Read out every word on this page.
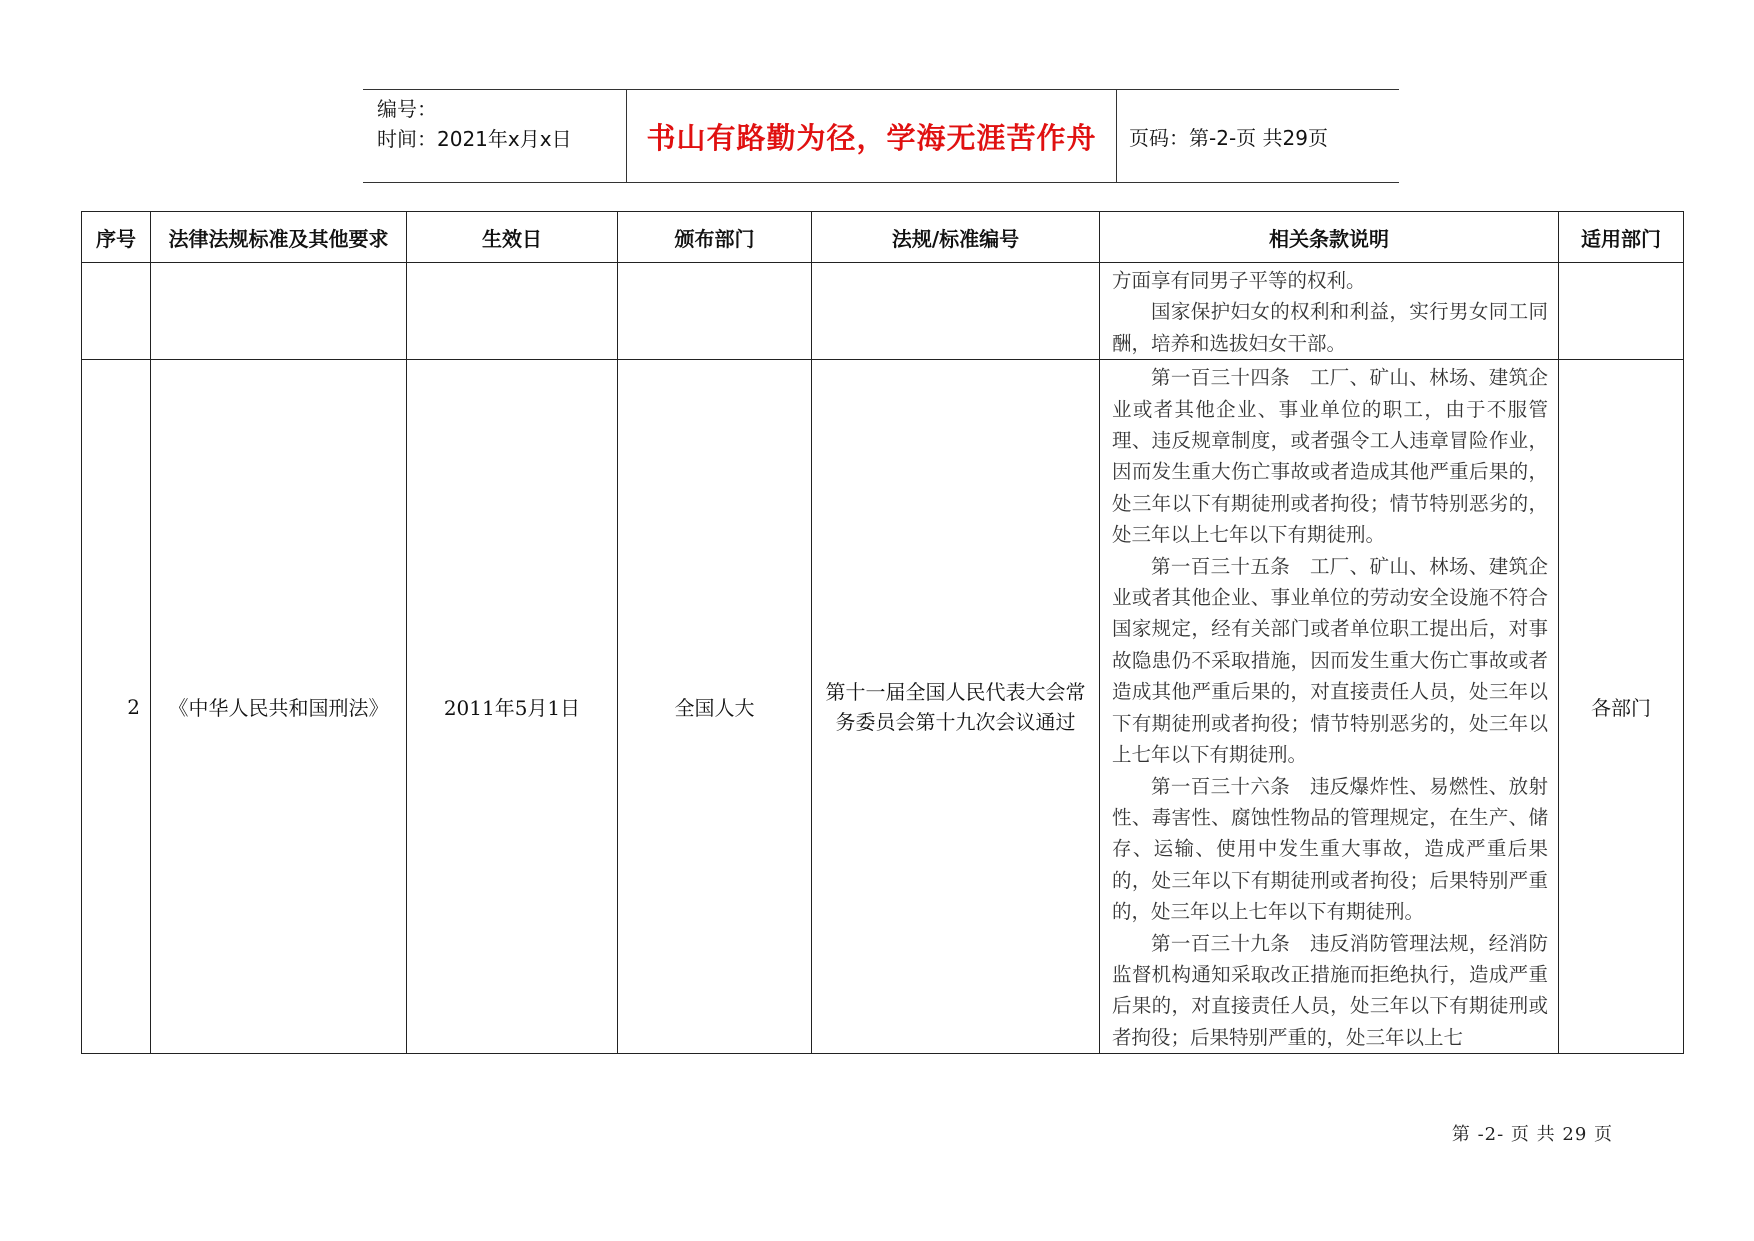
编号：
时间：2021年x月x日	书山有路勤为径，学海无涯苦作舟	页码：第-2-页 共29页
序号	法律法规标准及其他要求	生效日	颁布部门	法规/标准编号	相关条款说明	适用部门

					方面享有同男子平等的权利。

国家保护妇女的权利和利益，实行男女同工同酬，培养和选拔妇女干部。	

2	《中华人民共和国刑法》	2011年5月1日	全国人大	第十一届全国人民代表大会常务委员会第十九次会议通过	第一百三十四条　工厂、矿山、林场、建筑企业或者其他企业、事业单位的职工，由于不服管理、违反规章制度，或者强令工人违章冒险作业，因而发生重大伤亡事故或者造成其他严重后果的，处三年以下有期徒刑或者拘役；情节特别恶劣的，处三年以上七年以下有期徒刑。

第一百三十五条　工厂、矿山、林场、建筑企业或者其他企业、事业单位的劳动安全设施不符合国家规定，经有关部门或者单位职工提出后，对事故隐患仍不采取措施，因而发生重大伤亡事故或者造成其他严重后果的，对直接责任人员，处三年以下有期徒刑或者拘役；情节特别恶劣的，处三年以上七年以下有期徒刑。

第一百三十六条　违反爆炸性、易燃性、放射性、毒害性、腐蚀性物品的管理规定，在生产、储存、运输、使用中发生重大事故，造成严重后果的，处三年以下有期徒刑或者拘役；后果特别严重的，处三年以上七年以下有期徒刑。

第一百三十九条　违反消防管理法规，经消防监督机构通知采取改正措施而拒绝执行，造成严重后果的，对直接责任人员，处三年以下有期徒刑或者拘役；后果特别严重的，处三年以上七	各部门
第 -2- 页 共 29 页
